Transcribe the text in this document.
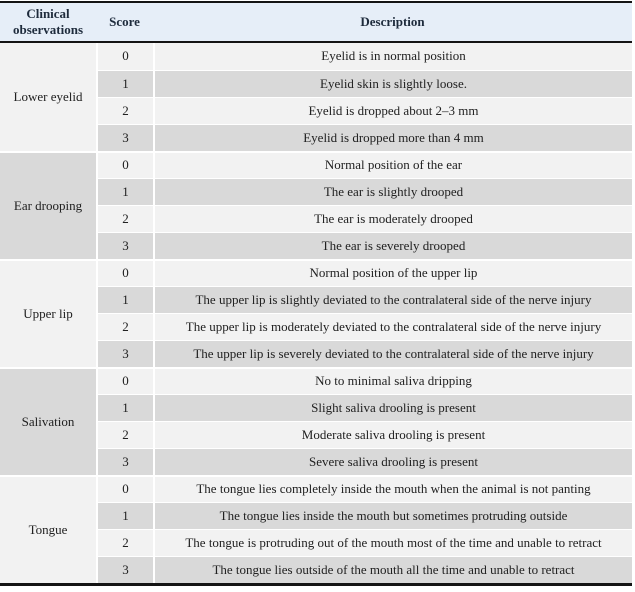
Clinical observations	Score	Description
Lower eyelid	0	Eyelid is in normal position
	1	Eyelid skin is slightly loose.
	2	Eyelid is dropped about 2–3 mm
	3	Eyelid is dropped more than 4 mm
Ear drooping	0	Normal position of the ear
	1	The ear is slightly drooped
	2	The ear is moderately drooped
	3	The ear is severely drooped
Upper lip	0	Normal position of the upper lip
	1	The upper lip is slightly deviated to the contralateral side of the nerve injury
	2	The upper lip is moderately deviated to the contralateral side of the nerve injury
	3	The upper lip is severely deviated to the contralateral side of the nerve injury
Salivation	0	No to minimal saliva dripping
	1	Slight saliva drooling is present
	2	Moderate saliva drooling is present
	3	Severe saliva drooling is present
Tongue	0	The tongue lies completely inside the mouth when the animal is not panting
	1	The tongue lies inside the mouth but sometimes protruding outside
	2	The tongue is protruding out of the mouth most of the time and unable to retract
	3	The tongue lies outside of the mouth all the time and unable to retract
